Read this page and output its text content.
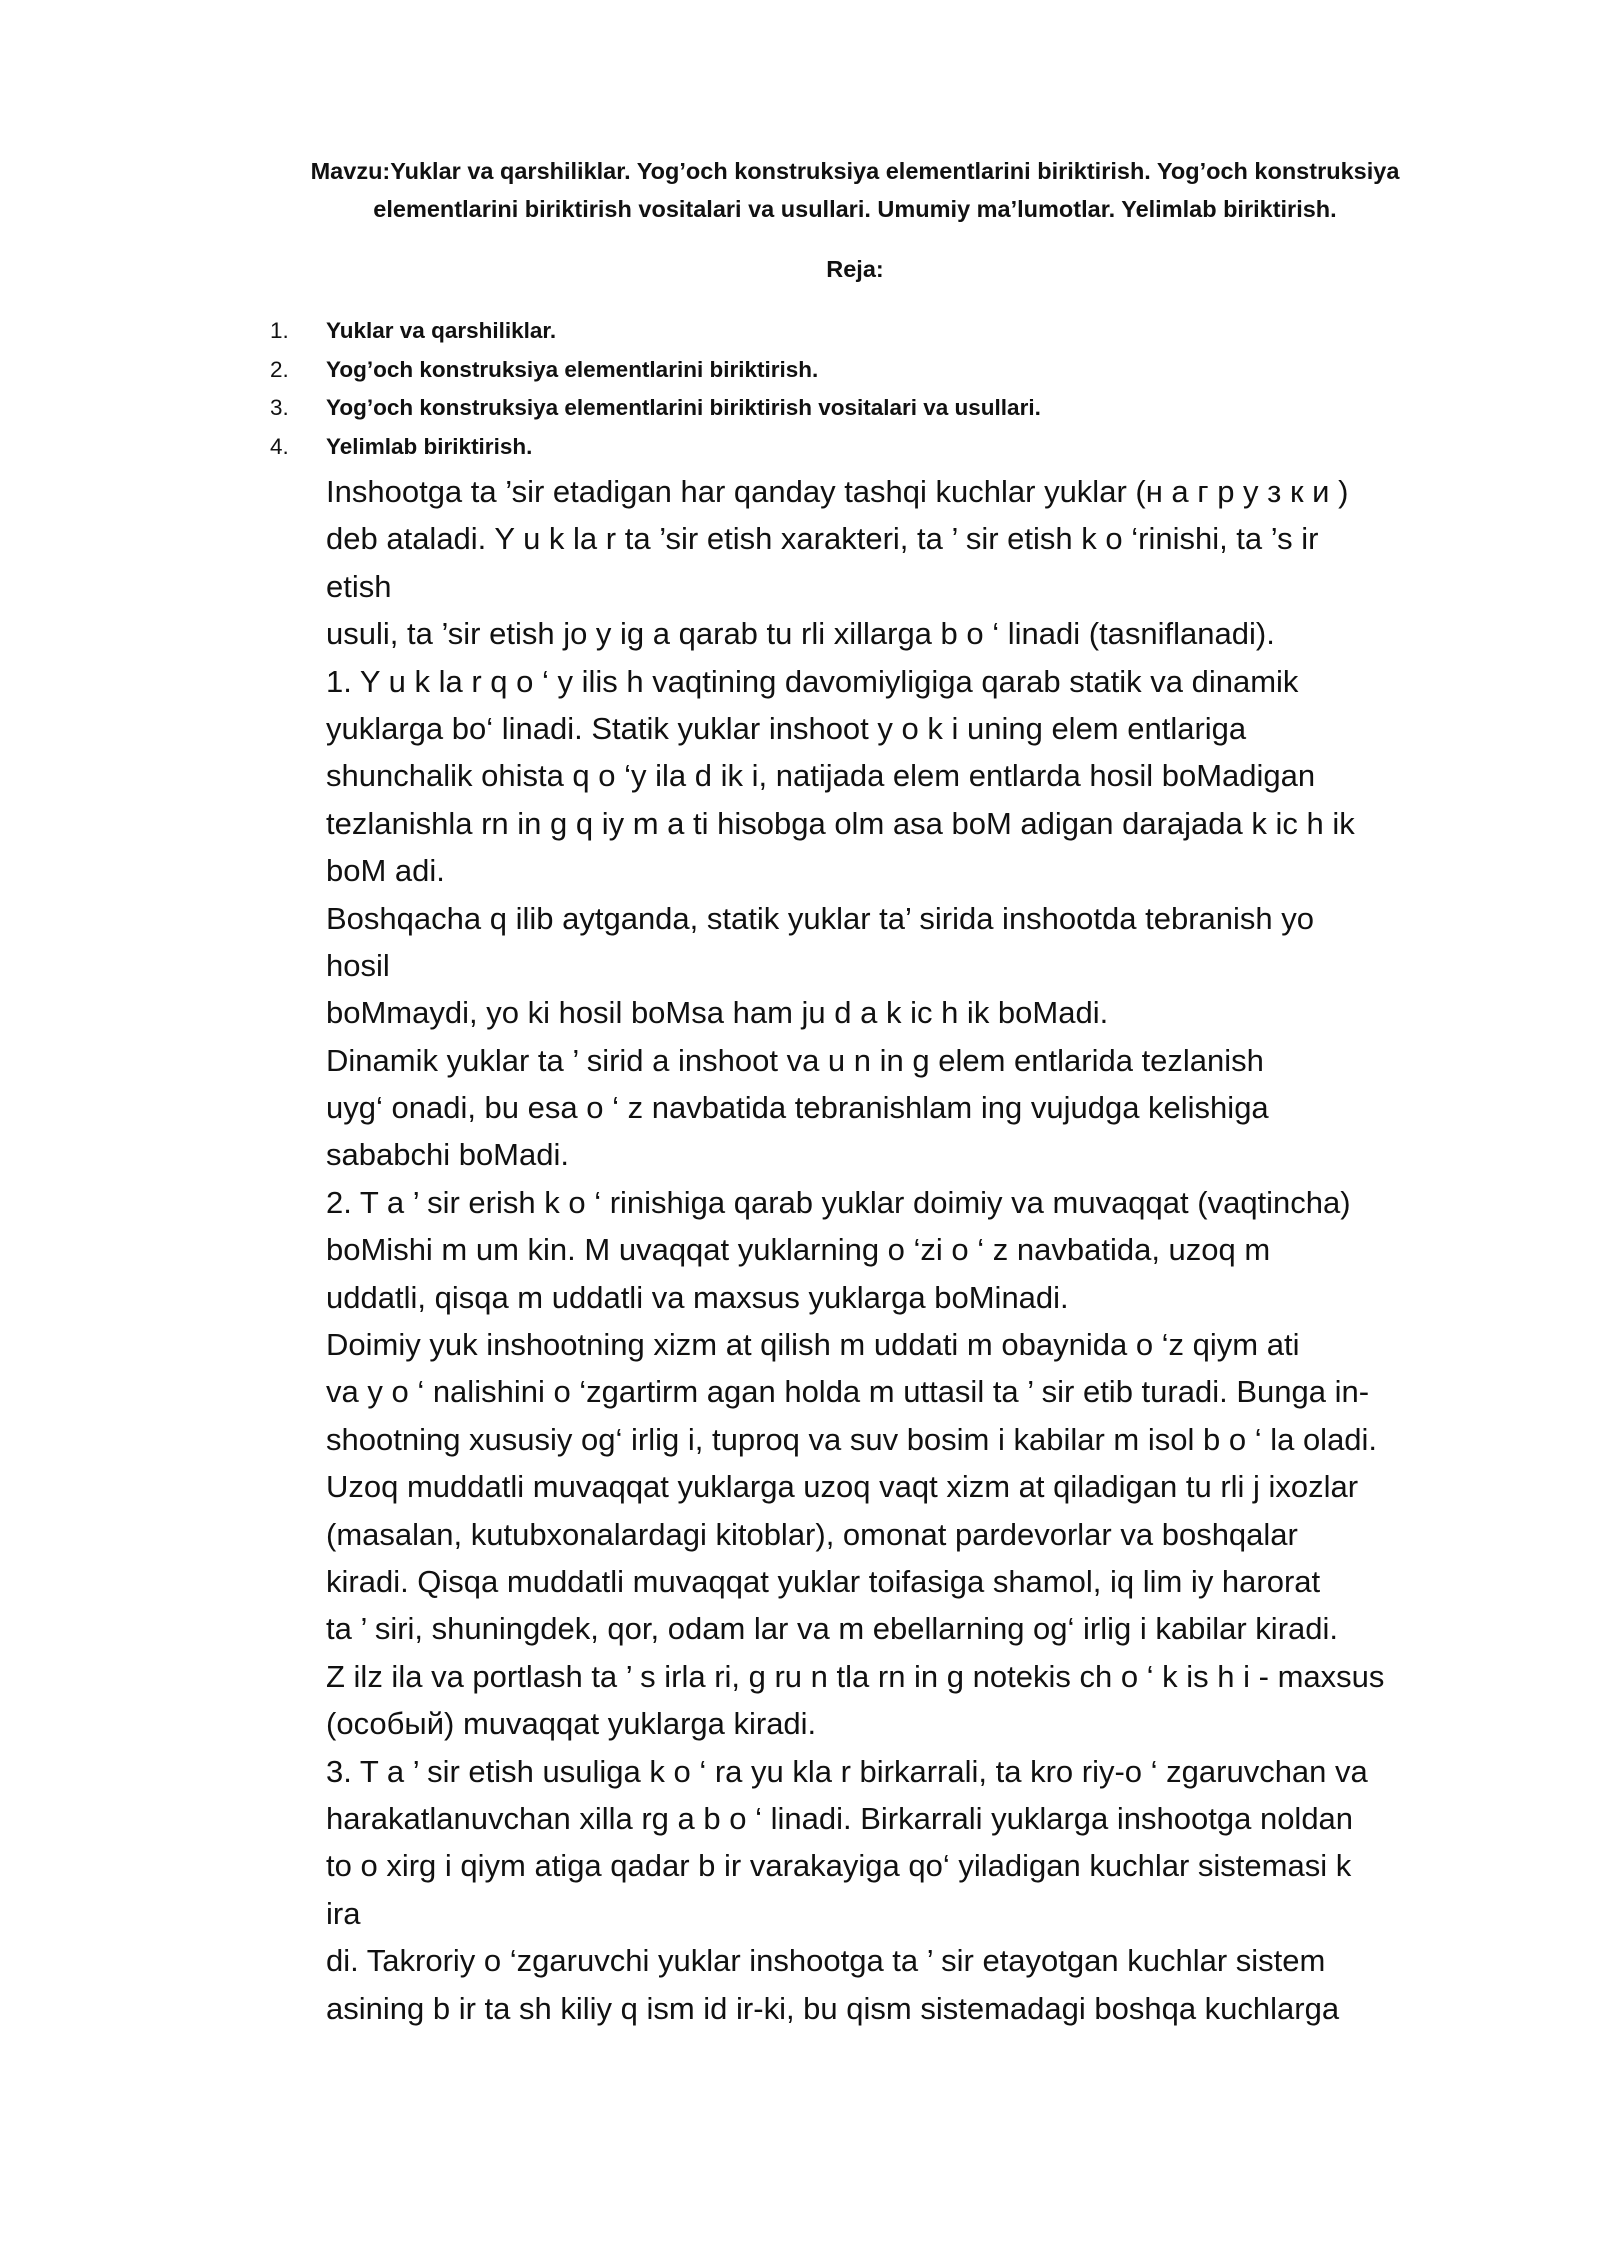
Mavzu:Yuklar va qarshiliklar. Yog’och konstruksiya elementlarini biriktirish. Yog’och konstruksiya
elementlarini biriktirish vositalari va usullari. Umumiy ma’lumotlar. Yelimlab biriktirish.

Reja:

1.	Yuklar va qarshiliklar.
2.	Yog’och konstruksiya elementlarini biriktirish.
3.	Yog’och konstruksiya elementlarini biriktirish vositalari va usullari.
4.	Yelimlab biriktirish.
Inshootga ta ’sir etadigan har qanday tashqi kuchlar yuklar (н а г р у з к и )
deb ataladi. Y u k la r ta ’sir etish xarakteri, ta ’ sir etish k o ‘rinishi, ta ’s ir
etish
usuli, ta ’sir etish jo y ig a qarab tu rli xillarga b o ‘ linadi (tasniflanadi).
1. Y u k la r q o ‘ y ilis h vaqtining davomiyligiga qarab statik va dinamik
yuklarga bo‘ linadi. Statik yuklar inshoot y o k i uning elem entlariga
shunchalik ohista q o ‘y ila d ik i, natijada elem entlarda hosil boMadigan
tezlanishla rn in g q iy m a ti hisobga olm asa boM adigan darajada k ic h ik
boM adi.
Boshqacha q ilib aytganda, statik yuklar ta’ sirida inshootda tebranish yo
hosil
boMmaydi, yo ki hosil boMsa ham ju d a k ic h ik boMadi.
Dinamik yuklar ta ’ sirid a inshoot va u n in g elem entlarida tezlanish
uyg‘ onadi, bu esa o ‘ z navbatida tebranishlam ing vujudga kelishiga
sababchi boMadi.
2. T a ’ sir erish k o ‘ rinishiga qarab yuklar doimiy va muvaqqat (vaqtincha)
boMishi m um kin. M uvaqqat yuklarning o ‘zi o ‘ z navbatida, uzoq m
uddatli, qisqa m uddatli va maxsus yuklarga boMinadi.
Doimiy yuk inshootning xizm at qilish m uddati m obaynida o ‘z qiym ati
va y o ‘ nalishini o ‘zgartirm agan holda m uttasil ta ’ sir etib turadi. Bunga in-
shootning xususiy og‘ irlig i, tuproq va suv bosim i kabilar m isol b o ‘ la oladi.
Uzoq muddatli muvaqqat yuklarga uzoq vaqt xizm at qiladigan tu rli j ixozlar
(masalan, kutubxonalardagi kitoblar), omonat pardevorlar va boshqalar
kiradi. Qisqa muddatli muvaqqat yuklar toifasiga shamol, iq lim iy harorat
ta ’ siri, shuningdek, qor, odam lar va m ebellarning og‘ irlig i kabilar kiradi.
Z ilz ila va portlash ta ’ s irla ri, g ru n tla rn in g notekis ch o ‘ k is h i - maxsus
(особый) muvaqqat yuklarga kiradi.
3. T a ’ sir etish usuliga k o ‘ ra yu kla r birkarrali, ta kro riy-o ‘ zgaruvchan va
harakatlanuvchan xilla rg a b o ‘ linadi. Birkarrali yuklarga inshootga noldan
to o xirg i qiym atiga qadar b ir varakayiga qo‘ yiladigan kuchlar sistemasi k
ira
di. Takroriy o ‘zgaruvchi yuklar inshootga ta ’ sir etayotgan kuchlar sistem
asining b ir ta sh kiliy q ism id ir-ki, bu qism sistemadagi boshqa kuchlarga
